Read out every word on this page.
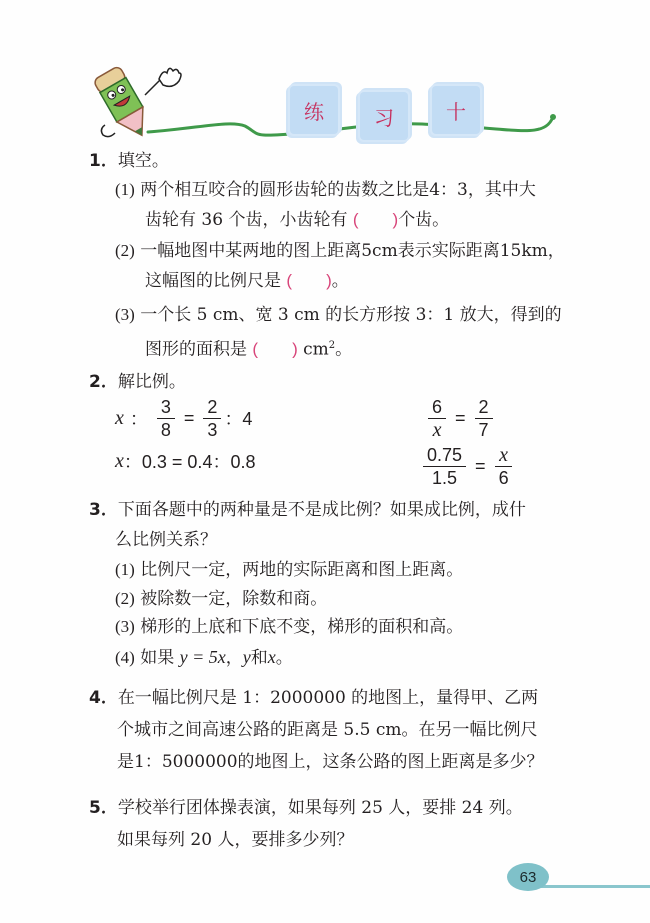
练	习	十
1．填空。
(1) 两个相互咬合的圆形齿轮的齿数之比是4：3，其中大
齿轮有 36 个齿，小齿轮有 (　　)个齿。
(2) 一幅地图中某两地的图上距离5cm表示实际距离15km，
这幅图的比例尺是 (　　)。
(3) 一个长 5 cm、宽 3 cm 的长方形按 3：1 放大，得到的
图形的面积是 (　　) $cm^2$。
2．解比例。
x ： $\frac{3}{8} = \frac{2}{3}$ ：4
x ：0.3 = 0.4：0.8
$\frac{6}{x} = \frac{2}{7}$
$\frac{0.75}{1.5} = \frac{x}{6}$
3．下面各题中的两种量是不是成比例？如果成比例，成什
么比例关系？
(1) 比例尺一定，两地的实际距离和图上距离。
(2) 被除数一定，除数和商。
(3) 梯形的上底和下底不变，梯形的面积和高。
(4) 如果 y = 5x，y和x。
4．在一幅比例尺是 1：2000000 的地图上，量得甲、乙两
个城市之间高速公路的距离是 5.5 cm。在另一幅比例尺
是1：5000000的地图上，这条公路的图上距离是多少？
5．学校举行团体操表演，如果每列 25 人，要排 24 列。
如果每列 20 人，要排多少列？
63
